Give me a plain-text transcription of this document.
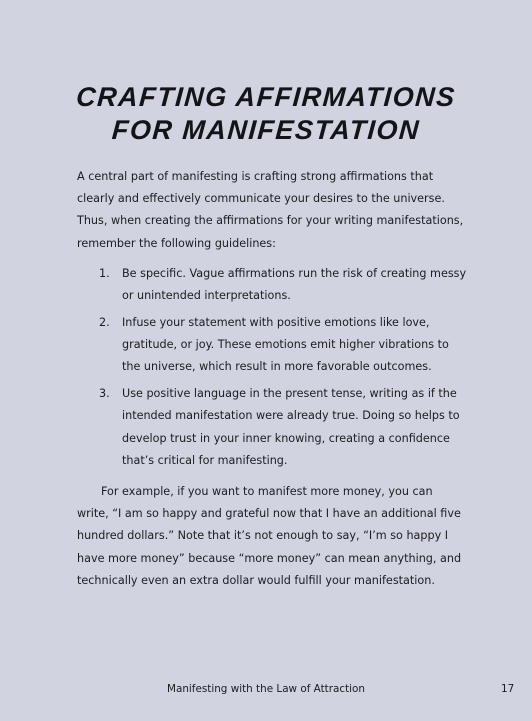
CRAFTING AFFIRMATIONS
FOR MANIFESTATION

A central part of manifesting is crafting strong affirmations that clearly and effectively communicate your desires to the universe. Thus, when creating the affirmations for your writing manifestations, remember the following guidelines:

1. Be specific. Vague affirmations run the risk of creating messy or unintended interpretations.
2. Infuse your statement with positive emotions like love, gratitude, or joy. These emotions emit higher vibrations to the universe, which result in more favorable outcomes.
3. Use positive language in the present tense, writing as if the intended manifestation were already true. Doing so helps to develop trust in your inner knowing, creating a confidence that’s critical for manifesting.

For example, if you want to manifest more money, you can write, “I am so happy and grateful now that I have an additional five hundred dollars.” Note that it’s not enough to say, “I’m so happy I have more money” because “more money” can mean anything, and technically even an extra dollar would fulfill your manifestation.

Manifesting with the Law of Attraction	17
